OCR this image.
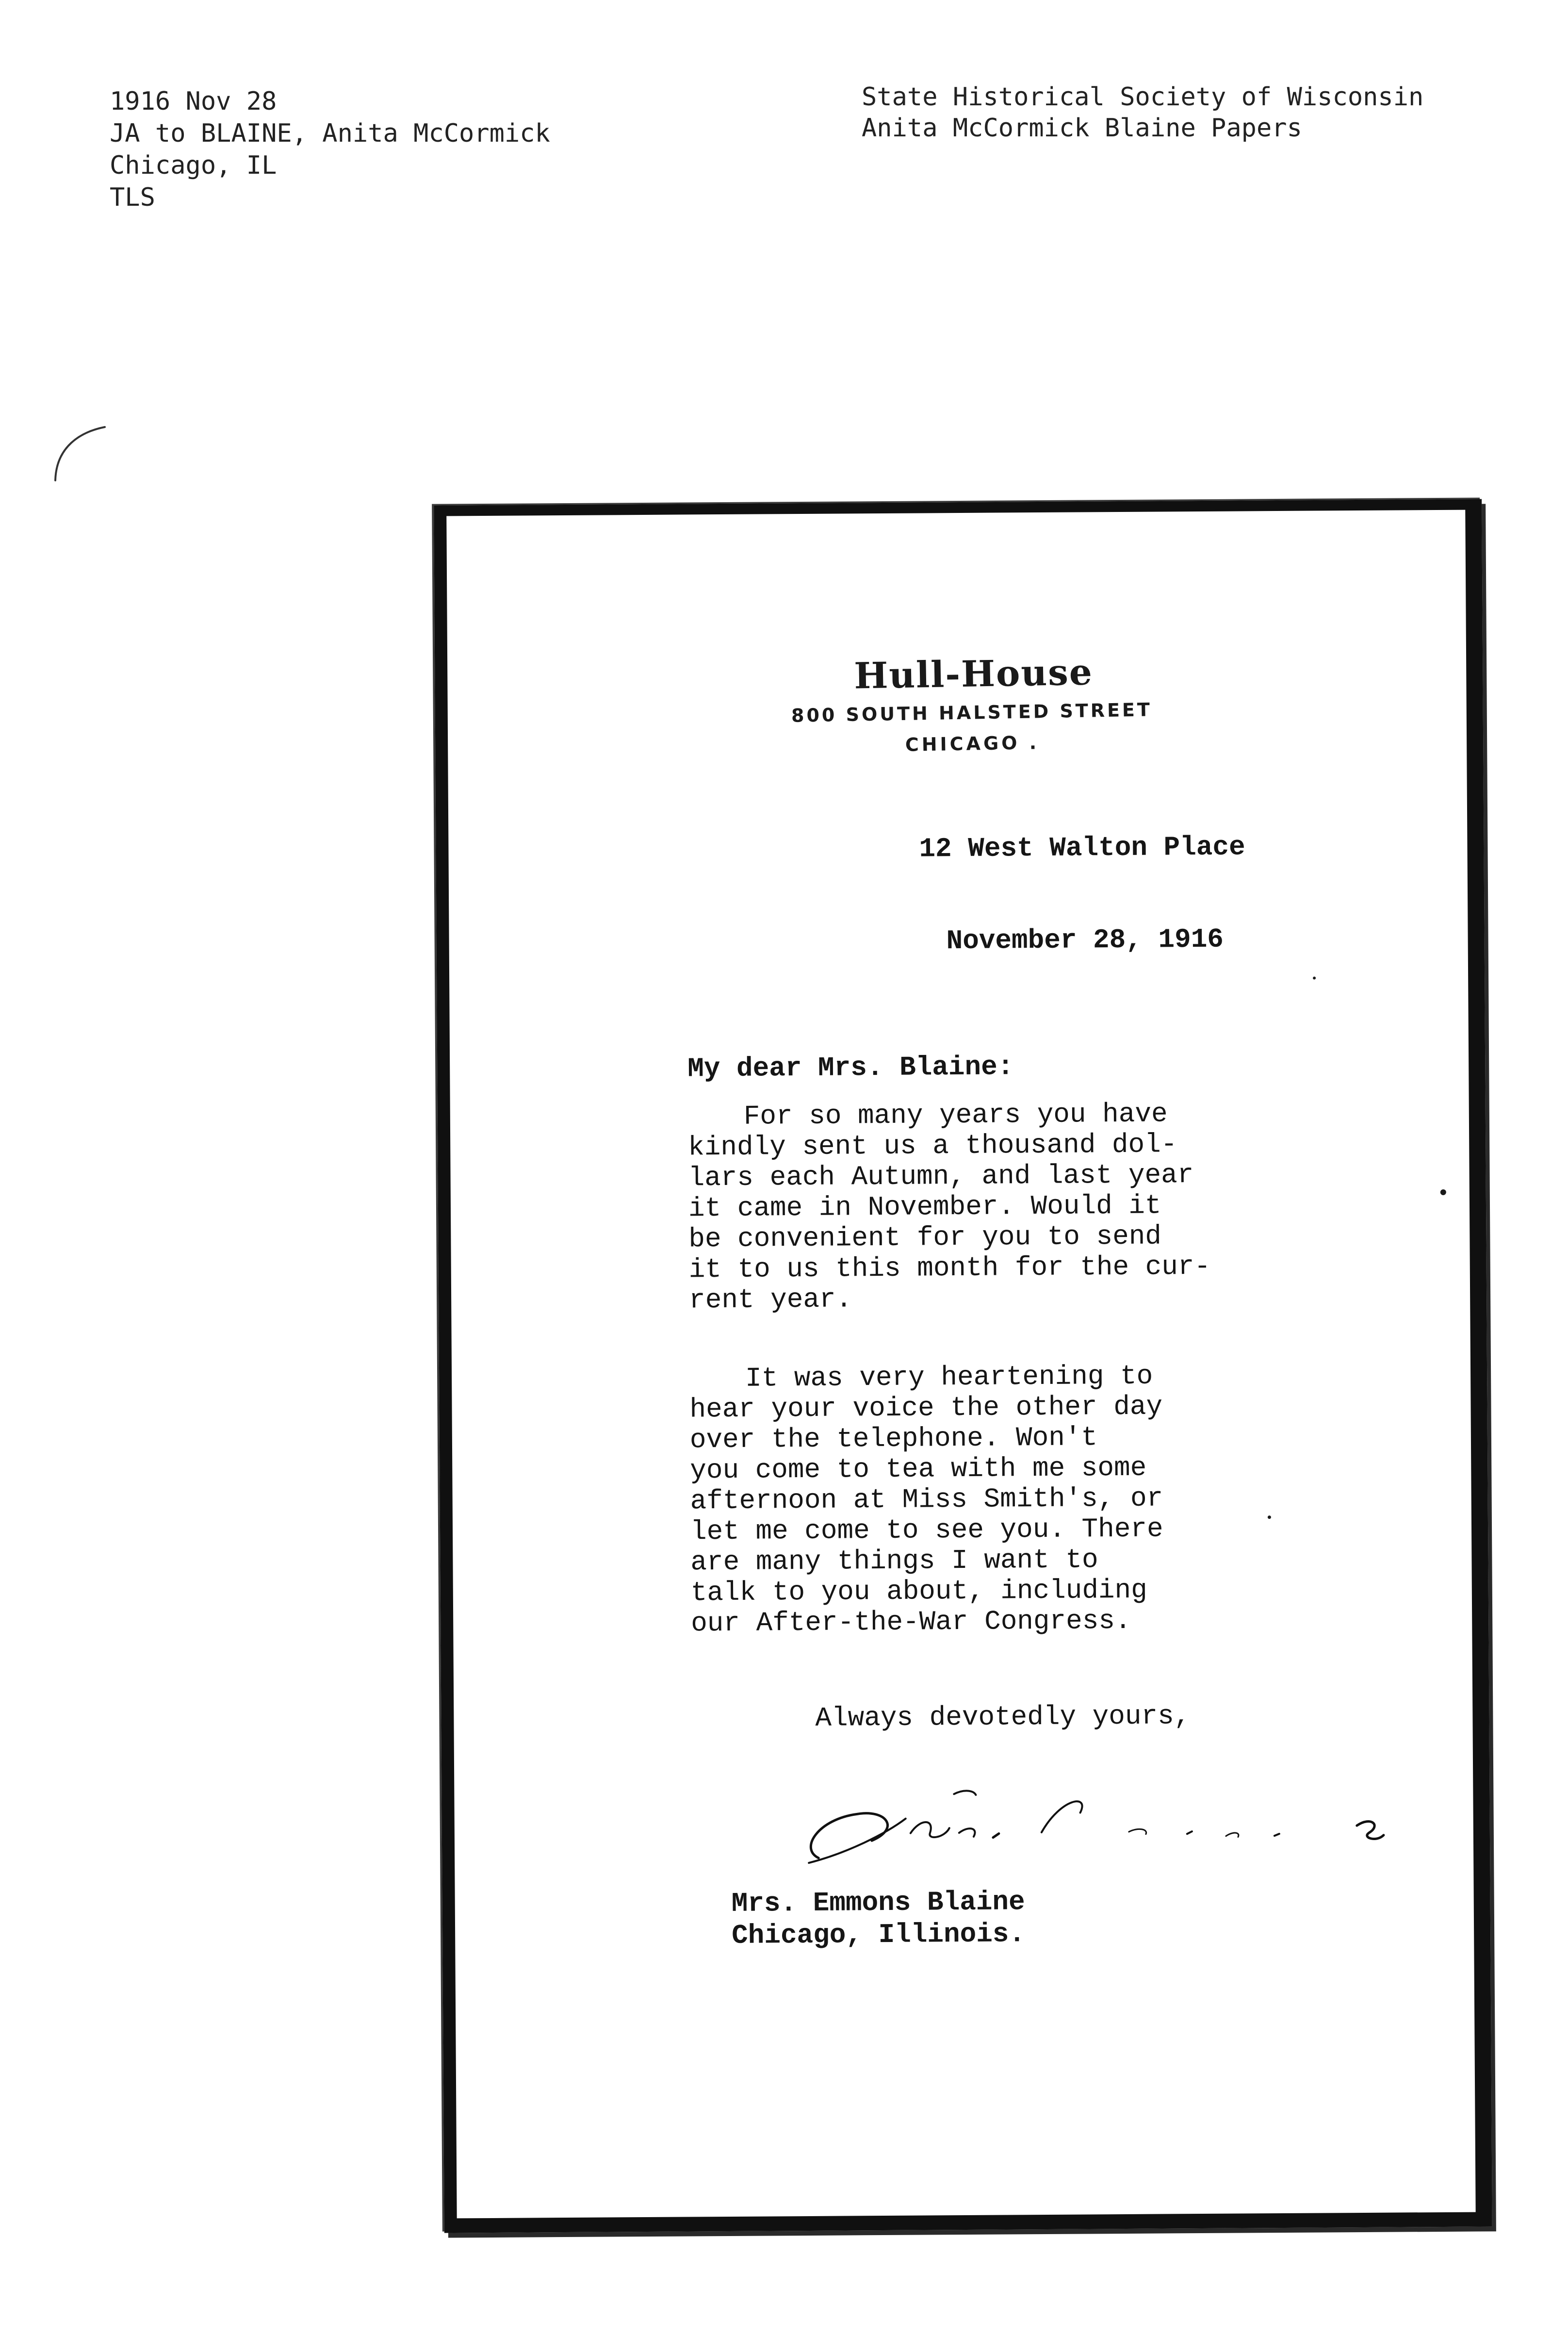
1916 Nov 28
JA to BLAINE, Anita McCormick
Chicago, IL
TLS
State Historical Society of Wisconsin
Anita McCormick Blaine Papers
Hull-House
800 SOUTH HALSTED STREET
CHICAGO .
12 West Walton Place
November 28, 1916
My dear Mrs. Blaine:
For so many years you have
kindly sent us a thousand dol-
lars each Autumn, and last year
it came in November. Would it
be convenient for you to send
it to us this month for the cur-
rent year.
It was very heartening to
hear your voice the other day
over the telephone. Won't
you come to tea with me some
afternoon at Miss Smith's, or
let me come to see you. There
are many things I want to
talk to you about, including
our After-the-War Congress.
Always devotedly yours,
Mrs. Emmons Blaine
Chicago, Illinois.
